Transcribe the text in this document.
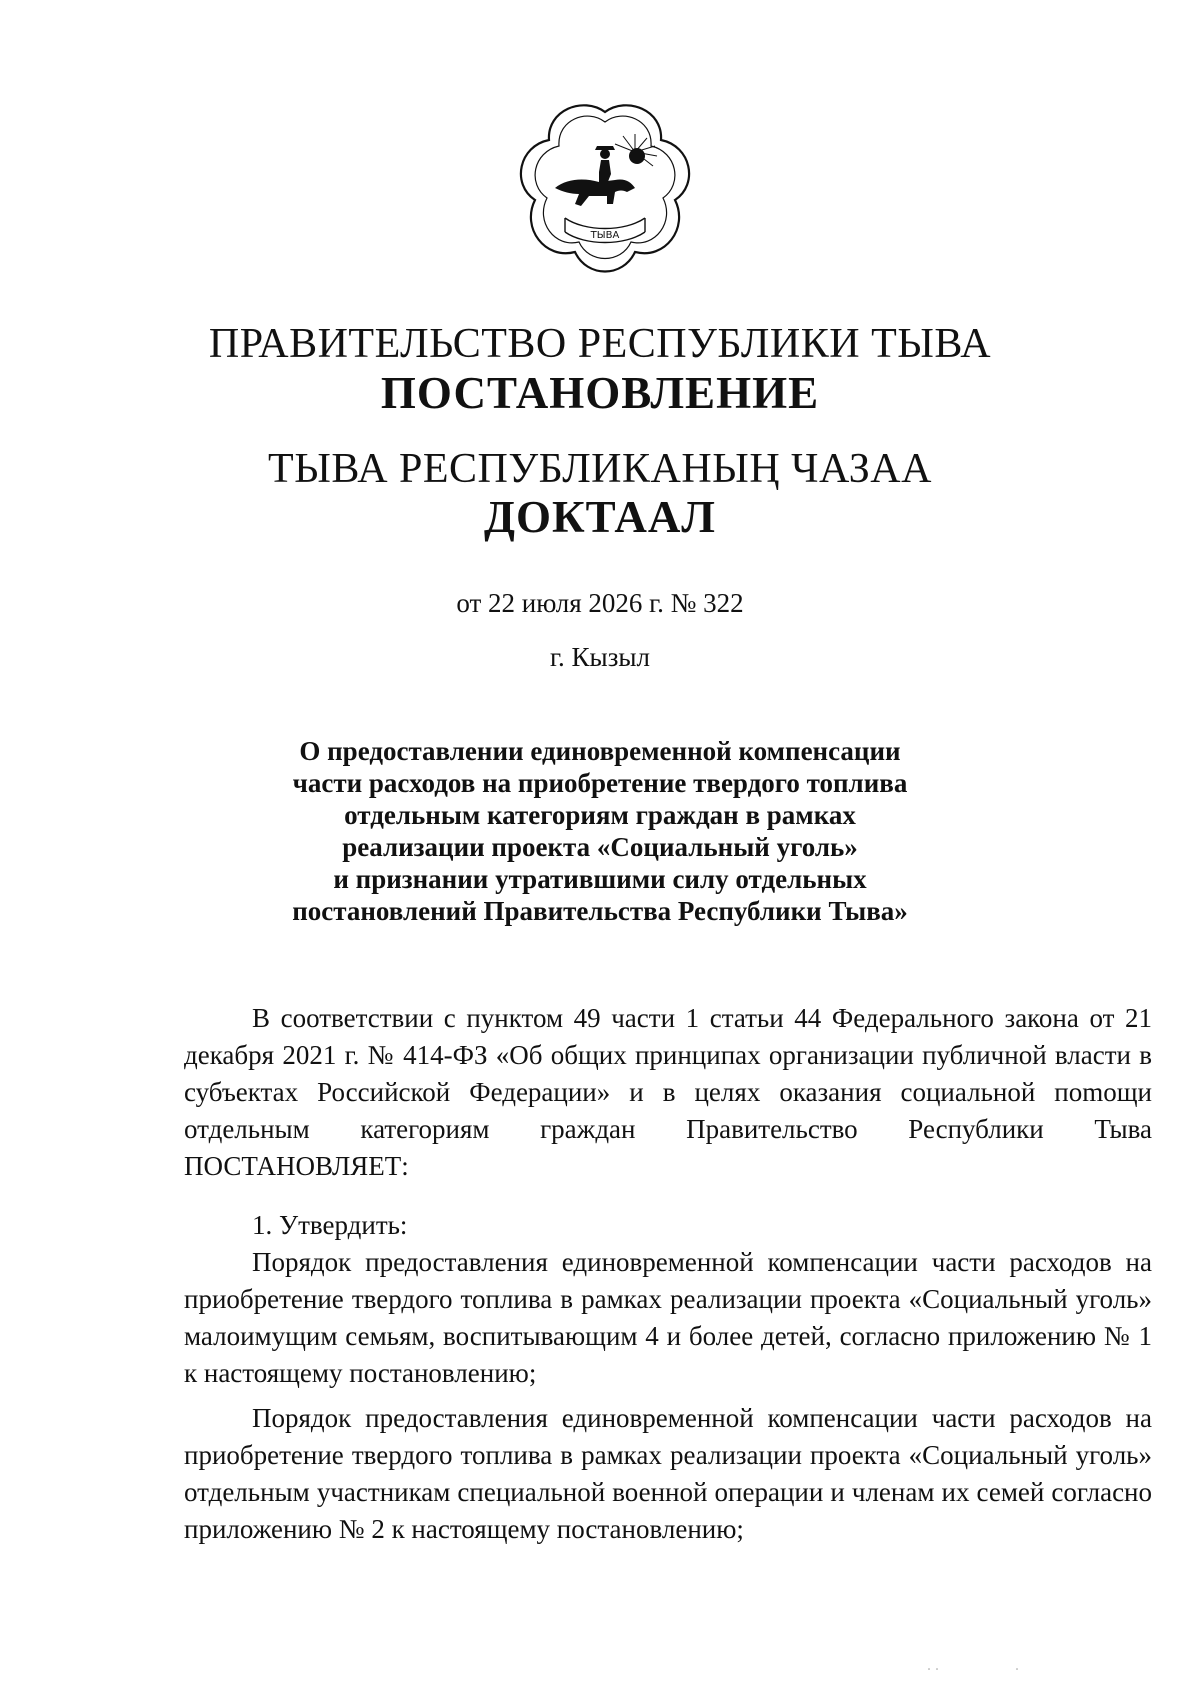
ТЫВА
ПРАВИТЕЛЬСТВО РЕСПУБЛИКИ ТЫВА
ПОСТАНОВЛЕНИЕ
ТЫВА РЕСПУБЛИКАНЫҢ ЧАЗАА
ДОКТААЛ
от 22 июля 2026 г. № 322
г. Кызыл
О предоставлении единовременной компенсации
части расходов на приобретение твердого топлива
отдельным категориям граждан в рамках
реализации проекта «Социальный уголь»
и признании утратившими силу отдельных
постановлений Правительства Республики Тыва»

В соответствии с пунктом 49 части 1 статьи 44 Федерального закона от 21 декабря 2021 г. № 414-ФЗ «Об общих принципах организации публичной власти в субъектах Российской Федерации» и в целях оказания социальной поmощи отдельным категориям граждан Правительство Республики Тыва ПОСТАНОВЛЯЕТ:

1. Утвердить:

Порядок предоставления единовременной компенсации части расходов на приобретение твердого топлива в рамках реализации проекта «Социальный уголь» малоимущим семьям, воспитывающим 4 и более детей, согласно приложению № 1 к настоящему постановлению;

Порядок предоставления единовременной компенсации части расходов на приобретение твердого топлива в рамках реализации проекта «Социальный уголь» отдельным участникам специальной военной операции и членам их семей согласно приложению № 2 к настоящему постановлению;
